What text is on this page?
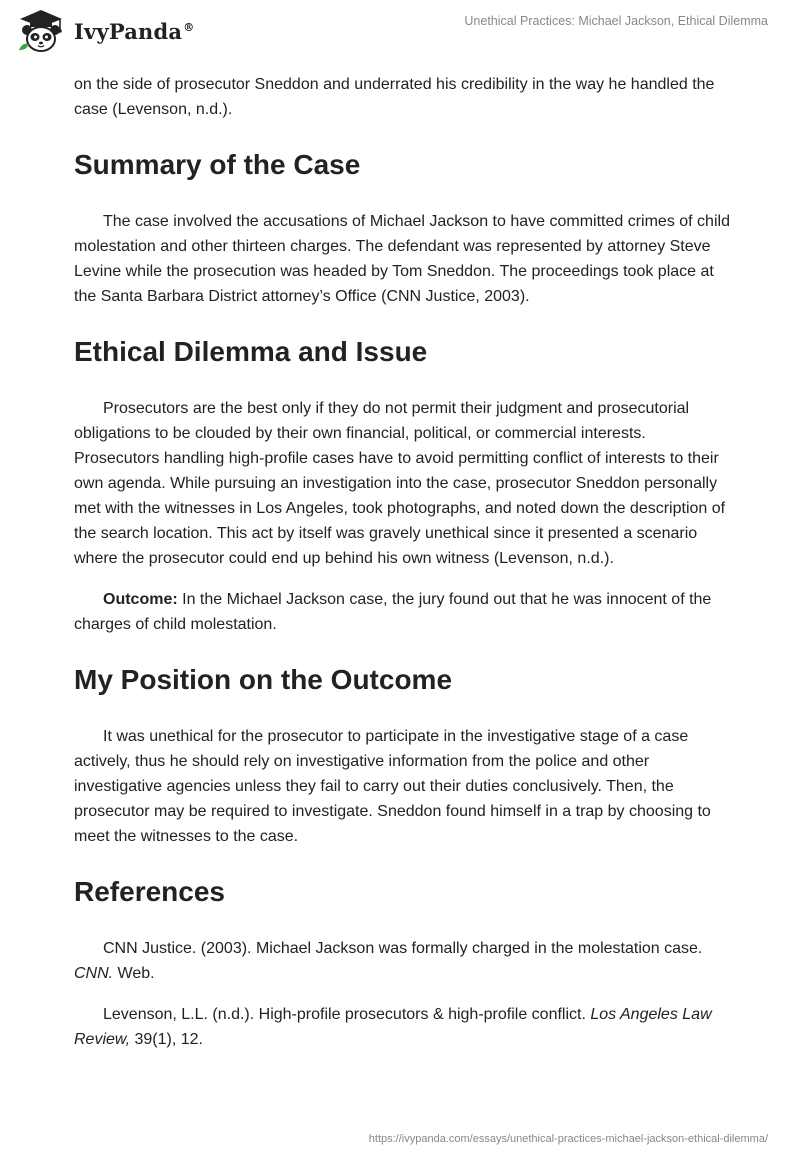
IvyPanda®	Unethical Practices: Michael Jackson, Ethical Dilemma

on the side of prosecutor Sneddon and underrated his credibility in the way he handled the case (Levenson, n.d.).

Summary of the Case

The case involved the accusations of Michael Jackson to have committed crimes of child molestation and other thirteen charges. The defendant was represented by attorney Steve Levine while the prosecution was headed by Tom Sneddon. The proceedings took place at the Santa Barbara District attorney’s Office (CNN Justice, 2003).

Ethical Dilemma and Issue

Prosecutors are the best only if they do not permit their judgment and prosecutorial obligations to be clouded by their own financial, political, or commercial interests. Prosecutors handling high-profile cases have to avoid permitting conflict of interests to their own agenda. While pursuing an investigation into the case, prosecutor Sneddon personally met with the witnesses in Los Angeles, took photographs, and noted down the description of the search location. This act by itself was gravely unethical since it presented a scenario where the prosecutor could end up behind his own witness (Levenson, n.d.).

Outcome: In the Michael Jackson case, the jury found out that he was innocent of the charges of child molestation.

My Position on the Outcome

It was unethical for the prosecutor to participate in the investigative stage of a case actively, thus he should rely on investigative information from the police and other investigative agencies unless they fail to carry out their duties conclusively. Then, the prosecutor may be required to investigate. Sneddon found himself in a trap by choosing to meet the witnesses to the case.

References

CNN Justice. (2003). Michael Jackson was formally charged in the molestation case. CNN. Web.

Levenson, L.L. (n.d.). High-profile prosecutors & high-profile conflict. Los Angeles Law Review, 39(1), 12.

https://ivypanda.com/essays/unethical-practices-michael-jackson-ethical-dilemma/
